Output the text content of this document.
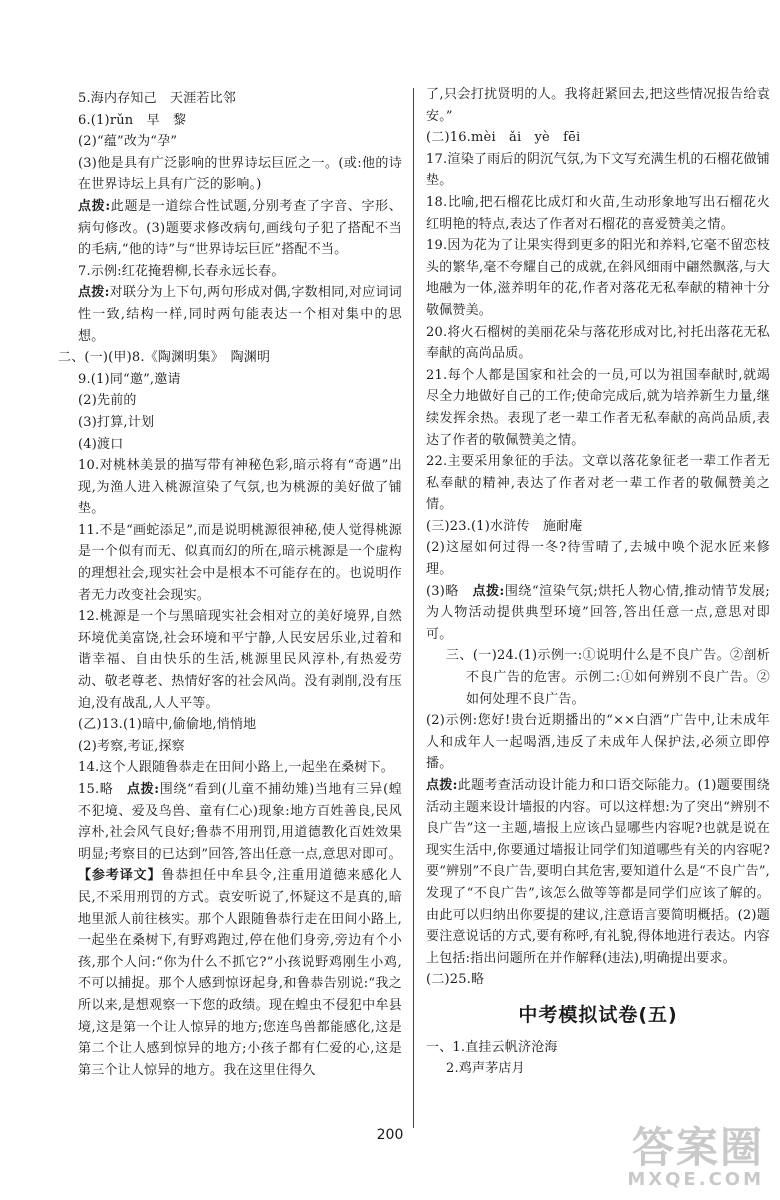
5.海内存知己　天涯若比邻

6.(1)rǔn　早　黎

(2)“蕴”改为“孕”

(3)他是具有广泛影响的世界诗坛巨匠之一。(或:他的诗在世界诗坛上具有广泛的影响。)

点拨:此题是一道综合性试题,分别考查了字音、字形、病句修改。(3)题要求修改病句,画线句子犯了搭配不当的毛病,“他的诗”与“世界诗坛巨匠”搭配不当。

7.示例:红花掩碧柳,长春永远长春。

点拨:对联分为上下句,两句形成对偶,字数相同,对应词词性一致,结构一样,同时两句能表达一个相对集中的思想。

二、(一)(甲)8.《陶渊明集》　陶渊明

9.(1)同“邀”,邀请

(2)先前的

(3)打算,计划

(4)渡口

10.对桃林美景的描写带有神秘色彩,暗示将有“奇遇”出现,为渔人进入桃源渲染了气氛,也为桃源的美好做了铺垫。

11.不是“画蛇添足”,而是说明桃源很神秘,使人觉得桃源是一个似有而无、似真而幻的所在,暗示桃源是一个虚构的理想社会,现实社会中是根本不可能存在的。也说明作者无力改变社会现实。

12.桃源是一个与黑暗现实社会相对立的美好境界,自然环境优美富饶,社会环境和平宁静,人民安居乐业,过着和谐幸福、自由快乐的生活,桃源里民风淳朴,有热爱劳动、敬老尊老、热情好客的社会风尚。没有剥削,没有压迫,没有战乱,人人平等。

(乙)13.(1)暗中,偷偷地,悄悄地

(2)考察,考证,探察

14.这个人跟随鲁恭走在田间小路上,一起坐在桑树下。

15.略　点拨:围绕“看到(儿童不捕幼雉)当地有三异(蝗不犯境、爱及鸟兽、童有仁心)现象:地方百姓善良,民风淳朴,社会风气良好;鲁恭不用刑罚,用道德教化百姓效果明显;考察目的已达到”回答,答出任意一点,意思对即可。

【参考译文】鲁恭担任中牟县令,注重用道德来感化人民,不采用刑罚的方式。袁安听说了,怀疑这不是真的,暗地里派人前往核实。那个人跟随鲁恭行走在田间小路上,一起坐在桑树下,有野鸡跑过,停在他们身旁,旁边有个小孩,那个人问:“你为什么不抓它?”小孩说野鸡刚生小鸡,不可以捕捉。那个人感到惊讶起身,和鲁恭告别说:“我之所以来,是想观察一下您的政绩。现在蝗虫不侵犯中牟县境,这是第一个让人惊异的地方;您连鸟兽都能感化,这是第二个让人感到惊异的地方;小孩子都有仁爱的心,这是第三个让人惊异的地方。我在这里住得久

了,只会打扰贤明的人。我将赶紧回去,把这些情况报告给袁安。”

(二)16.mèi　ǎi　yè　fēi

17.渲染了雨后的阴沉气氛,为下文写充满生机的石榴花做铺垫。

18.比喻,把石榴花比成灯和火苗,生动形象地写出石榴花火红明艳的特点,表达了作者对石榴花的喜爱赞美之情。

19.因为花为了让果实得到更多的阳光和养料,它毫不留恋枝头的繁华,毫不夸耀自己的成就,在斜风细雨中翩然飘落,与大地融为一体,滋养明年的花,作者对落花无私奉献的精神十分敬佩赞美。

20.将火石榴树的美丽花朵与落花形成对比,衬托出落花无私奉献的高尚品质。

21.每个人都是国家和社会的一员,可以为祖国奉献时,就竭尽全力地做好自己的工作;使命完成后,就为培养新生力量,继续发挥余热。表现了老一辈工作者无私奉献的高尚品质,表达了作者的敬佩赞美之情。

22.主要采用象征的手法。文章以落花象征老一辈工作者无私奉献的精神,表达了作者对老一辈工作者的敬佩赞美之情。

(三)23.(1)水浒传　施耐庵

(2)这屋如何过得一冬?待雪晴了,去城中唤个泥水匠来修理。

(3)略　点拨:围绕“渲染气氛;烘托人物心情,推动情节发展;为人物活动提供典型环境”回答,答出任意一点,意思对即可。

三、(一)24.(1)示例一:①说明什么是不良广告。②剖析不良广告的危害。示例二:①如何辨别不良广告。②如何处理不良广告。

(2)示例:您好!贵台近期播出的“××白酒”广告中,让未成年人和成年人一起喝酒,违反了未成年人保护法,必须立即停播。

点拨:此题考查活动设计能力和口语交际能力。(1)题要围绕活动主题来设计墙报的内容。可以这样想:为了突出“辨别不良广告”这一主题,墙报上应该凸显哪些内容呢?也就是说在现实生活中,你要通过墙报让同学们知道哪些有关的内容呢?要“辨别”不良广告,要明白其危害,要知道什么是“不良广告”,发现了“不良广告”,该怎么做等等都是同学们应该了解的。由此可以归纳出你要提的建议,注意语言要简明概括。(2)题要注意说话的方式,要有称呼,有礼貌,得体地进行表达。内容上包括:指出问题所在并作解释(违法),明确提出要求。

(二)25.略

中考模拟试卷(五)

一、1.直挂云帆济沧海

2.鸡声茅店月

200	答案圈
MXQE.COM
